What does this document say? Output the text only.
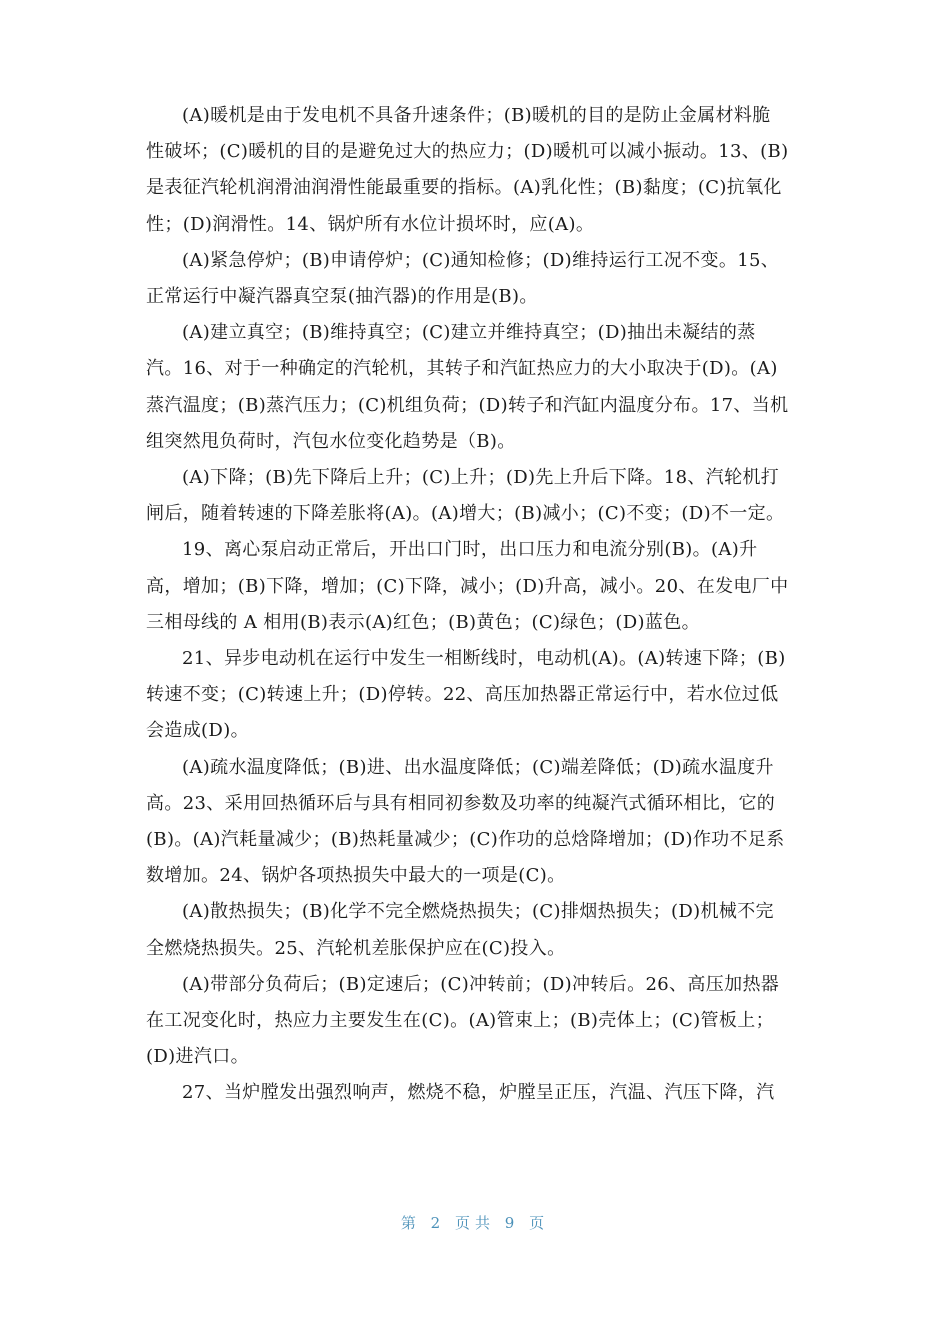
(A)暖机是由于发电机不具备升速条件；(B)暖机的目的是防止金属材料脆
性破坏；(C)暖机的目的是避免过大的热应力；(D)暖机可以减小振动。13、(B)
是表征汽轮机润滑油润滑性能最重要的指标。(A)乳化性；(B)黏度；(C)抗氧化
性；(D)润滑性。14、锅炉所有水位计损坏时，应(A)。

(A)紧急停炉；(B)申请停炉；(C)通知检修；(D)维持运行工况不变。15、
正常运行中凝汽器真空泵(抽汽器)的作用是(B)。

(A)建立真空；(B)维持真空；(C)建立并维持真空；(D)抽出未凝结的蒸
汽。16、对于一种确定的汽轮机，其转子和汽缸热应力的大小取决于(D)。(A)
蒸汽温度；(B)蒸汽压力；(C)机组负荷；(D)转子和汽缸内温度分布。17、当机
组突然甩负荷时，汽包水位变化趋势是（B)。

(A)下降；(B)先下降后上升；(C)上升；(D)先上升后下降。18、汽轮机打
闸后，随着转速的下降差胀将(A)。(A)增大；(B)减小；(C)不变；(D)不一定。

19、离心泵启动正常后，开出口门时，出口压力和电流分别(B)。(A)升
高，增加；(B)下降，增加；(C)下降，减小；(D)升高，减小。20、在发电厂中
三相母线的 A 相用(B)表示(A)红色；(B)黄色；(C)绿色；(D)蓝色。

21、异步电动机在运行中发生一相断线时，电动机(A)。(A)转速下降；(B)
转速不变；(C)转速上升；(D)停转。22、高压加热器正常运行中，若水位过低
会造成(D)。

(A)疏水温度降低；(B)进、出水温度降低；(C)端差降低；(D)疏水温度升
高。23、采用回热循环后与具有相同初参数及功率的纯凝汽式循环相比，它的
(B)。(A)汽耗量减少；(B)热耗量减少；(C)作功的总焓降增加；(D)作功不足系
数增加。24、锅炉各项热损失中最大的一项是(C)。

(A)散热损失；(B)化学不完全燃烧热损失；(C)排烟热损失；(D)机械不完
全燃烧热损失。25、汽轮机差胀保护应在(C)投入。

(A)带部分负荷后；(B)定速后；(C)冲转前；(D)冲转后。26、高压加热器
在工况变化时，热应力主要发生在(C)。(A)管束上；(B)壳体上；(C)管板上；
(D)进汽口。

27、当炉膛发出强烈响声，燃烧不稳，炉膛呈正压，汽温、汽压下降，汽

第 2 页共 9 页
